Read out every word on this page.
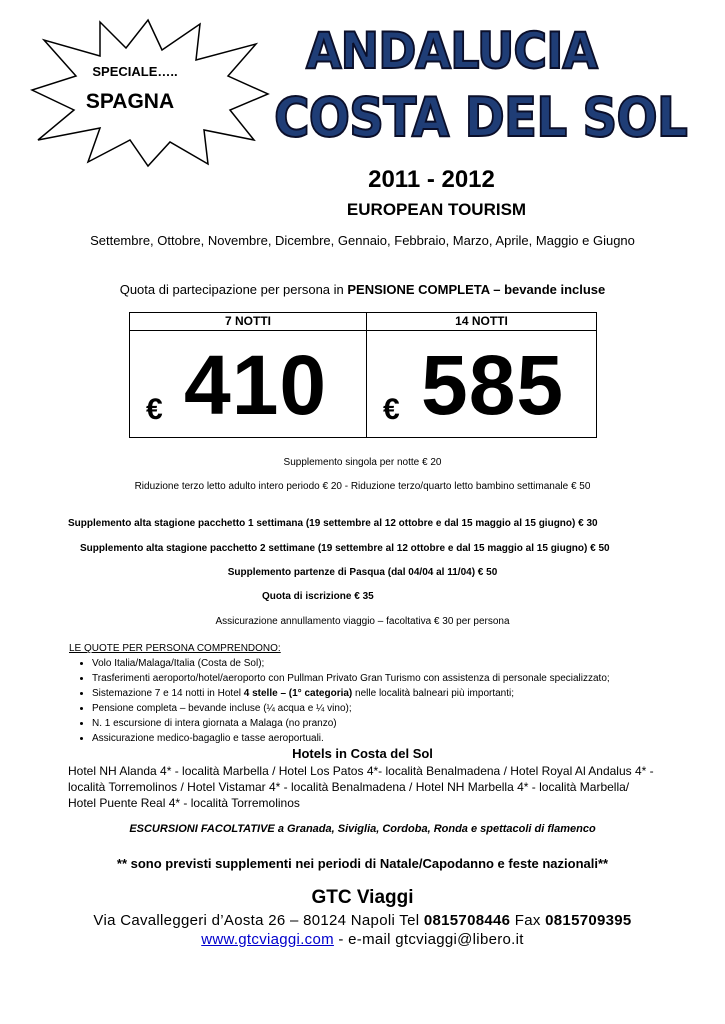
SPECIALE…..
SPAGNA
ANDALUCIA
COSTA DEL SOL
2011 - 2012
EUROPEAN TOURISM
Settembre, Ottobre, Novembre, Dicembre, Gennaio, Febbraio, Marzo, Aprile, Maggio e Giugno
Quota di partecipazione per persona in PENSIONE COMPLETA – bevande incluse
7 NOTTI
€ 410
14 NOTTI
€ 585
Supplemento singola per notte € 20
Riduzione terzo letto adulto intero periodo € 20 - Riduzione terzo/quarto letto bambino settimanale € 50
Supplemento alta stagione pacchetto 1 settimana (19 settembre al 12 ottobre e dal 15 maggio al 15 giugno) € 30
Supplemento alta stagione pacchetto 2 settimane (19 settembre al 12 ottobre e dal 15 maggio al 15 giugno) € 50
Supplemento partenze di Pasqua (dal 04/04 al 11/04) € 50
Quota di iscrizione € 35
Assicurazione annullamento viaggio – facoltativa € 30 per persona
LE QUOTE PER PERSONA COMPRENDONO:
• Volo Italia/Malaga/Italia (Costa de Sol);
• Trasferimenti aeroporto/hotel/aeroporto con Pullman Privato Gran Turismo con assistenza di personale specializzato;
• Sistemazione 7 e 14 notti in Hotel 4 stelle – (1° categoria) nelle località balneari più importanti;
• Pensione completa – bevande incluse (¼ acqua e ¼ vino);
• N. 1 escursione di intera giornata a Malaga (no pranzo)
• Assicurazione medico-bagaglio e tasse aeroportuali.
Hotels in Costa del Sol
Hotel NH Alanda 4* - località Marbella / Hotel Los Patos 4*- località Benalmadena / Hotel Royal Al Andalus 4* -
località Torremolinos / Hotel Vistamar 4* - località Benalmadena / Hotel NH Marbella 4* - località Marbella/
Hotel Puente Real 4* - località Torremolinos
ESCURSIONI FACOLTATIVE a Granada, Siviglia, Cordoba, Ronda e spettacoli di flamenco
** sono previsti supplementi nei periodi di Natale/Capodanno e feste nazionali**
GTC Viaggi
Via Cavalleggeri d’Aosta 26 – 80124 Napoli Tel 0815708446 Fax 0815709395
www.gtcviaggi.com - e-mail gtcviaggi@libero.it
